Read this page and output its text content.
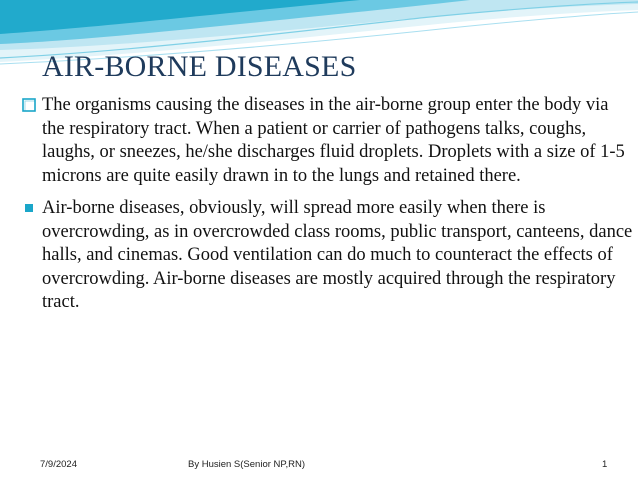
AIR-BORNE DISEASES
The organisms causing the diseases in the air-borne group enter the body via the respiratory tract. When a patient or carrier of pathogens talks, coughs, laughs, or sneezes, he/she discharges fluid droplets. Droplets with a size of 1-5 microns are quite easily drawn in to the lungs and retained there.
Air-borne diseases, obviously, will spread more easily when there is overcrowding, as in overcrowded class rooms, public transport, canteens, dance halls, and cinemas. Good ventilation can do much to counteract the effects of overcrowding. Air-borne diseases are mostly acquired through the respiratory tract.
7/9/2024	By Husien S(Senior NP,RN)	1
